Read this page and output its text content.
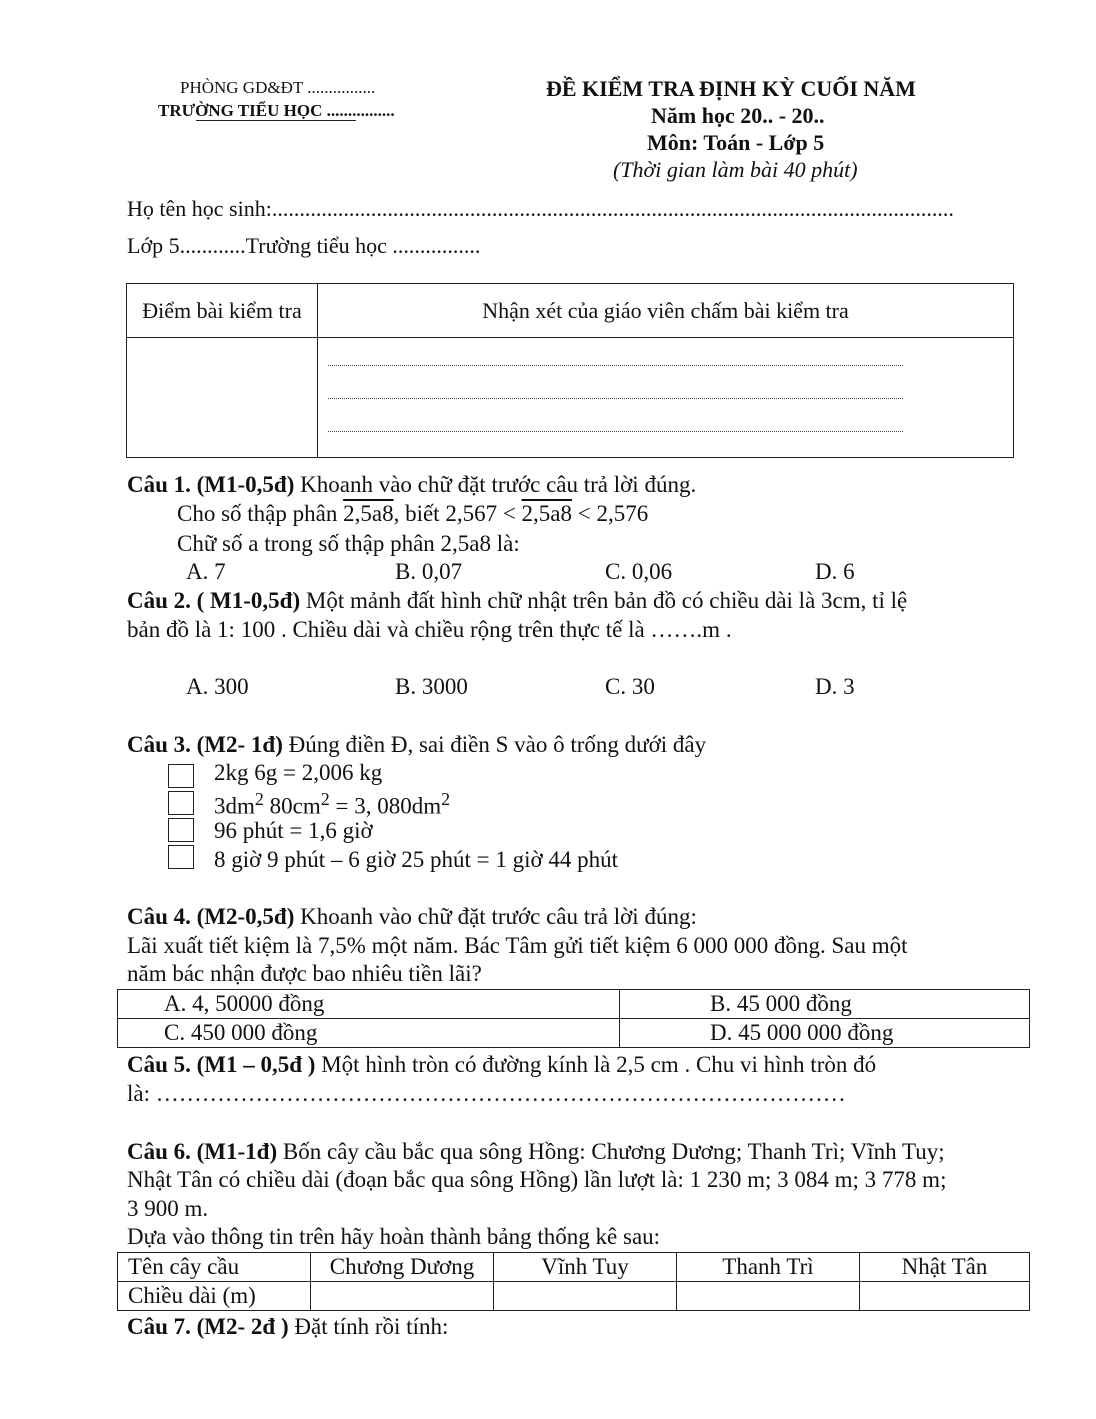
PHÒNG GD&ĐT ................
TRƯỜNG TIỂU HỌC ................
ĐỀ KIỂM TRA ĐỊNH KỲ CUỐI NĂM
Năm học 20.. - 20..
Môn: Toán - Lớp 5
(Thời gian làm bài 40 phút)
Họ tên học sinh:............................................................................................................................
Lớp 5............Trường tiểu học ................
Điểm bài kiểm tra	Nhận xét của giáo viên chấm bài kiểm tra

Câu 1. (M1-0,5đ) Khoanh vào chữ đặt trước câu trả lời đúng.
Cho số thập phân 2,5a8, biết 2,567 < 2,5a8 < 2,576
Chữ số a trong số thập phân 2,5a8 là:
A. 7	B. 0,07	C. 0,06	D. 6
Câu 2. ( M1-0,5đ) Một mảnh đất hình chữ nhật trên bản đồ có chiều dài là 3cm, tỉ lệ
bản đồ là 1: 100 . Chiều dài và chiều rộng trên thực tế là …….m .
A. 300	B. 3000	C. 30	D. 3
Câu 3. (M2- 1đ) Đúng điền Đ, sai điền S vào ô trống dưới đây
2kg 6g = 2,006 kg
$3dm^2$ $80cm^2 = 3$, $080dm^2$
96 phút = 1,6 giờ
8 giờ 9 phút – 6 giờ 25 phút = 1 giờ 44 phút
Câu 4. (M2-0,5đ) Khoanh vào chữ đặt trước câu trả lời đúng:
Lãi xuất tiết kiệm là 7,5% một năm. Bác Tâm gửi tiết kiệm 6 000 000 đồng. Sau một
năm bác nhận được bao nhiêu tiền lãi?
A. 4, 50000 đồng	B. 45 000 đồng
C. 450 000 đồng	D. 45 000 000 đồng
Câu 5. (M1 – 0,5đ ) Một hình tròn có đường kính là 2,5 cm . Chu vi hình tròn đó
là: ………………………………………………………………………………
Câu 6. (M1-1đ) Bốn cây cầu bắc qua sông Hồng: Chương Dương; Thanh Trì; Vĩnh Tuy;
Nhật Tân có chiều dài (đoạn bắc qua sông Hồng) lần lượt là: 1 230 m; 3 084 m; 3 778 m;
3 900 m.
Dựa vào thông tin trên hãy hoàn thành bảng thống kê sau:
Tên cây cầu	Chương Dương	Vĩnh Tuy	Thanh Trì	Nhật Tân
Chiều dài (m)				
Câu 7. (M2- 2đ ) Đặt tính rồi tính:
